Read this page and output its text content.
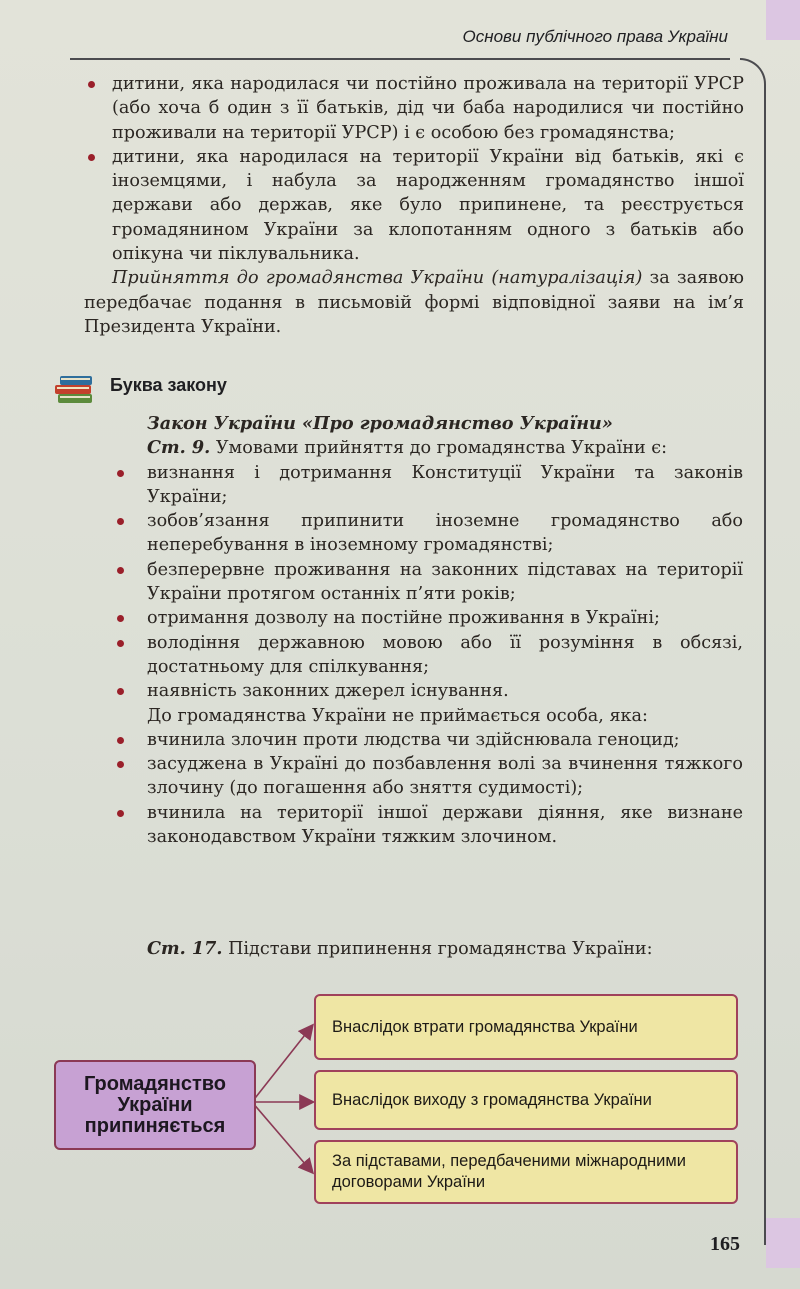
Основи публічного права України
дитини, яка народилася чи постійно проживала на території УРСР (або хоча б один з її батьків, дід чи баба народилися чи постійно проживали на території УРСР) і є особою без громадянства;
дитини, яка народилася на території України від батьків, які є іноземцями, і набула за народженням громадянство іншої держави або держав, яке було припинене, та реєструється громадянином України за клопотанням одного з батьків або опікуна чи піклувальника.
Прийняття до громадянства України (натуралізація) за заявою передбачає подання в письмовій формі відповідної заяви на ім’я Президента України.
Буква закону
Закон України «Про громадянство України»
Ст. 9. Умовами прийняття до громадянства України є:
визнання і дотримання Конституції України та законів України;
зобов’язання припинити іноземне громадянство або неперебування в іноземному громадянстві;
безперервне проживання на законних підставах на території України протягом останніх п’яти років;
отримання дозволу на постійне проживання в Україні;
володіння державною мовою або її розуміння в обсязі, достатньому для спілкування;
наявність законних джерел існування.
До громадянства України не приймається особа, яка:
вчинила злочин проти людства чи здійснювала геноцид;
засуджена в Україні до позбавлення волі за вчинення тяжкого злочину (до погашення або зняття судимості);
вчинила на території іншої держави діяння, яке визнане законодавством України тяжким злочином.
Ст. 17. Підстави припинення громадянства України:
Громадянство України припиняється
Внаслідок втрати громадянства України
Внаслідок виходу з громадянства України
За підставами, передбаченими міжнародними договорами України
165
